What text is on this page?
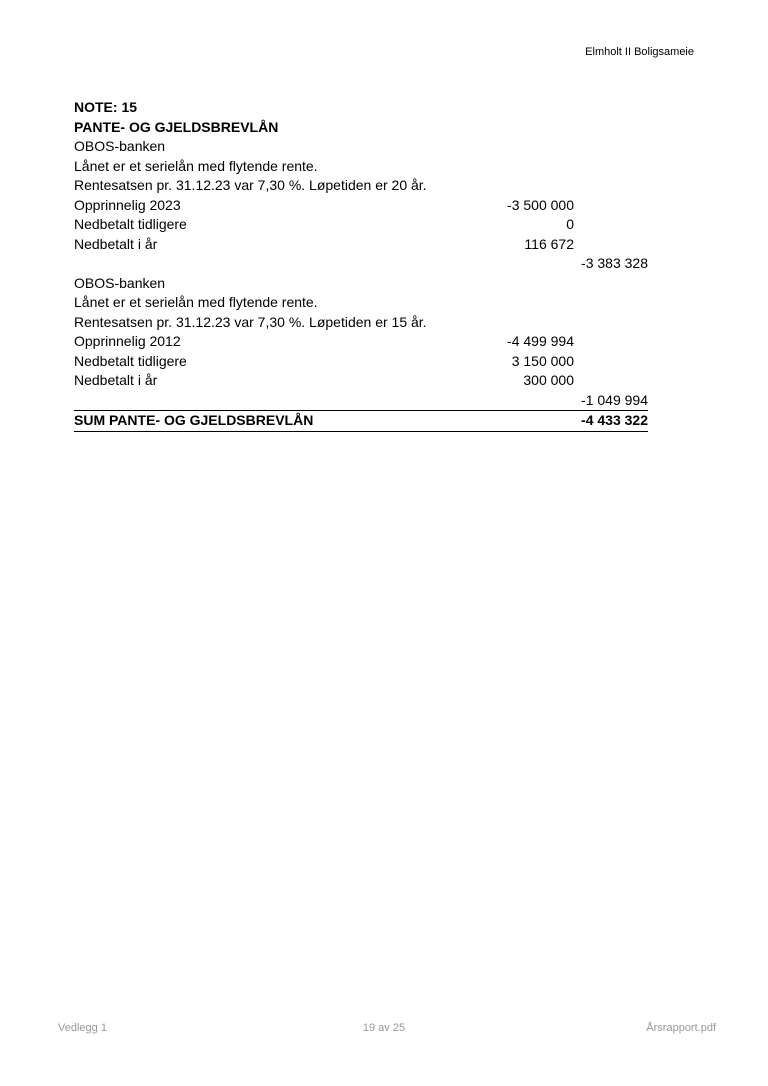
Elmholt II Boligsameie
NOTE: 15
PANTE- OG GJELDSBREVLÅN
OBOS-banken
Lånet er et serielån med flytende rente.
Rentesatsen pr. 31.12.23 var 7,30 %. Løpetiden er 20 år.
Opprinnelig 2023	-3 500 000
Nedbetalt tidligere	0
Nedbetalt i år	116 672
-3 383 328
OBOS-banken
Lånet er et serielån med flytende rente.
Rentesatsen pr. 31.12.23 var 7,30 %. Løpetiden er 15 år.
Opprinnelig 2012	-4 499 994
Nedbetalt tidligere	3 150 000
Nedbetalt i år	300 000
-1 049 994
SUM PANTE- OG GJELDSBREVLÅN	-4 433 322
Vedlegg 1	19 av 25	Årsrapport.pdf
